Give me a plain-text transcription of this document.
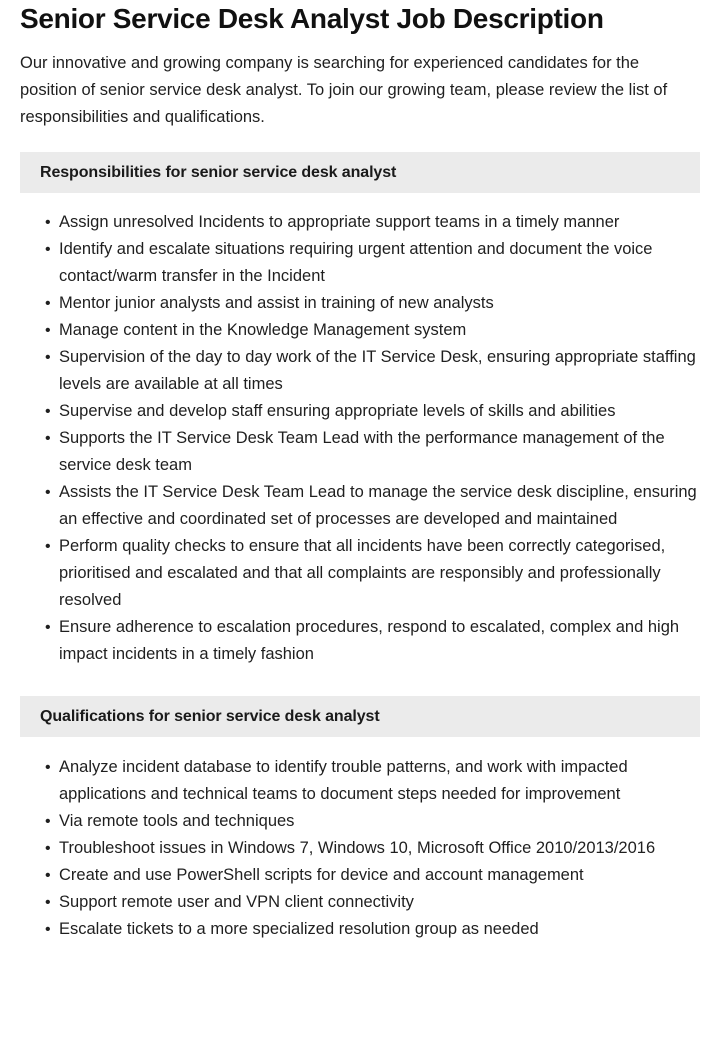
Senior Service Desk Analyst Job Description

Our innovative and growing company is searching for experienced candidates for the position of senior service desk analyst. To join our growing team, please review the list of responsibilities and qualifications.

Responsibilities for senior service desk analyst
• Assign unresolved Incidents to appropriate support teams in a timely manner
• Identify and escalate situations requiring urgent attention and document the voice contact/warm transfer in the Incident
• Mentor junior analysts and assist in training of new analysts
• Manage content in the Knowledge Management system
• Supervision of the day to day work of the IT Service Desk, ensuring appropriate staffing levels are available at all times
• Supervise and develop staff ensuring appropriate levels of skills and abilities
• Supports the IT Service Desk Team Lead with the performance management of the service desk team
• Assists the IT Service Desk Team Lead to manage the service desk discipline, ensuring an effective and coordinated set of processes are developed and maintained
• Perform quality checks to ensure that all incidents have been correctly categorised, prioritised and escalated and that all complaints are responsibly and professionally resolved
• Ensure adherence to escalation procedures, respond to escalated, complex and high impact incidents in a timely fashion
Qualifications for senior service desk analyst
• Analyze incident database to identify trouble patterns, and work with impacted applications and technical teams to document steps needed for improvement
• Via remote tools and techniques
• Troubleshoot issues in Windows 7, Windows 10, Microsoft Office 2010/2013/2016
• Create and use PowerShell scripts for device and account management
• Support remote user and VPN client connectivity
• Escalate tickets to a more specialized resolution group as needed
